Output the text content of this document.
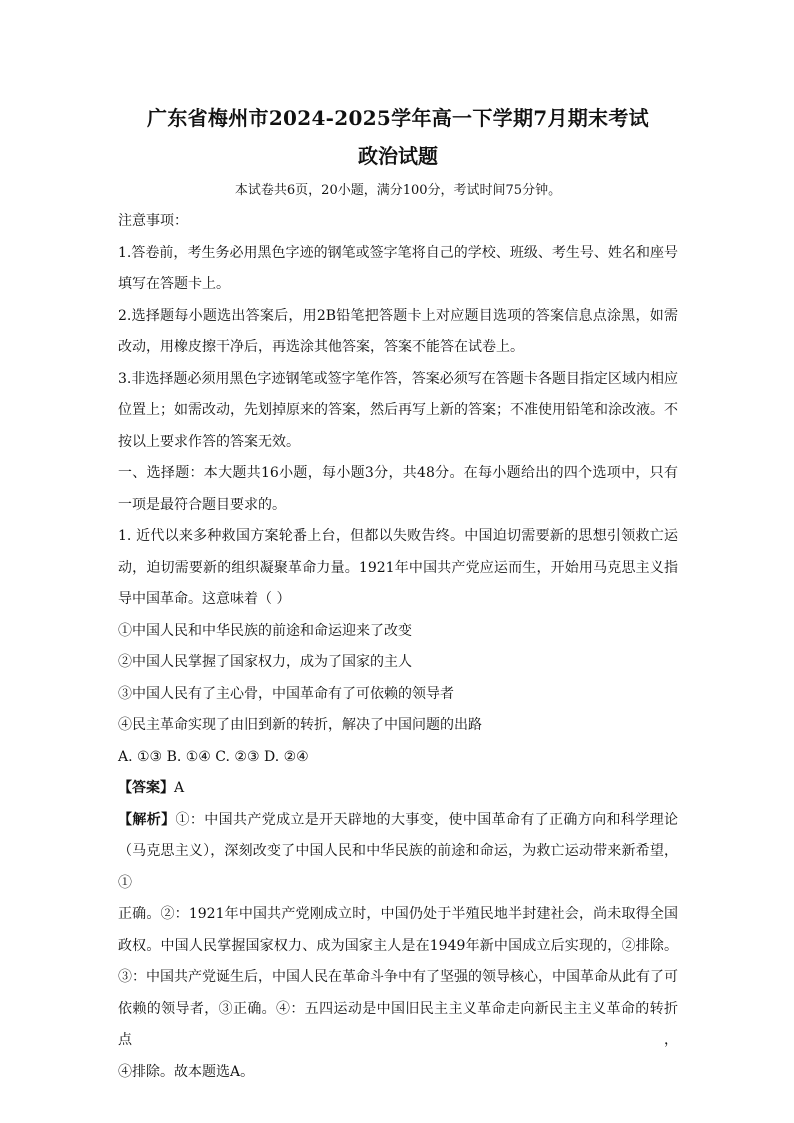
广东省梅州市2024-2025学年高一下学期7月期末考试
政治试题
本试卷共6页，20小题，满分100分，考试时间75分钟。

注意事项：

1.答卷前，考生务必用黑色字迹的钢笔或签字笔将自己的学校、班级、考生号、姓名和座号

填写在答题卡上。

2.选择题每小题选出答案后，用2B铅笔把答题卡上对应题目选项的答案信息点涂黑，如需

改动，用橡皮擦干净后，再选涂其他答案，答案不能答在试卷上。

3.非选择题必须用黑色字迹钢笔或签字笔作答，答案必须写在答题卡各题目指定区域内相应

位置上；如需改动，先划掉原来的答案，然后再写上新的答案；不准使用铅笔和涂改液。不

按以上要求作答的答案无效。

一、选择题：本大题共16小题，每小题3分，共48分。在每小题给出的四个选项中，只有

一项是最符合题目要求的。

1. 近代以来多种救国方案轮番上台，但都以失败告终。中国迫切需要新的思想引领救亡运

动，迫切需要新的组织凝聚革命力量。1921年中国共产党应运而生，开始用马克思主义指

导中国革命。这意味着（ ）

①中国人民和中华民族的前途和命运迎来了改变

②中国人民掌握了国家权力，成为了国家的主人

③中国人民有了主心骨，中国革命有了可依赖的领导者

④民主革命实现了由旧到新的转折，解决了中国问题的出路

A. ①③ B. ①④ C. ②③ D. ②④

【答案】A

【解析】①：中国共产党成立是开天辟地的大事变，使中国革命有了正确方向和科学理论

（马克思主义），深刻改变了中国人民和中华民族的前途和命运，为救亡运动带来新希望，①

正确。②：1921年中国共产党刚成立时，中国仍处于半殖民地半封建社会，尚未取得全国

政权。中国人民掌握国家权力、成为国家主人是在1949年新中国成立后实现的，②排除。

③：中国共产党诞生后，中国人民在革命斗争中有了坚强的领导核心，中国革命从此有了可

依赖的领导者，③正确。④：五四运动是中国旧民主主义革命走向新民主主义革命的转折点，

④排除。故本题选A。
